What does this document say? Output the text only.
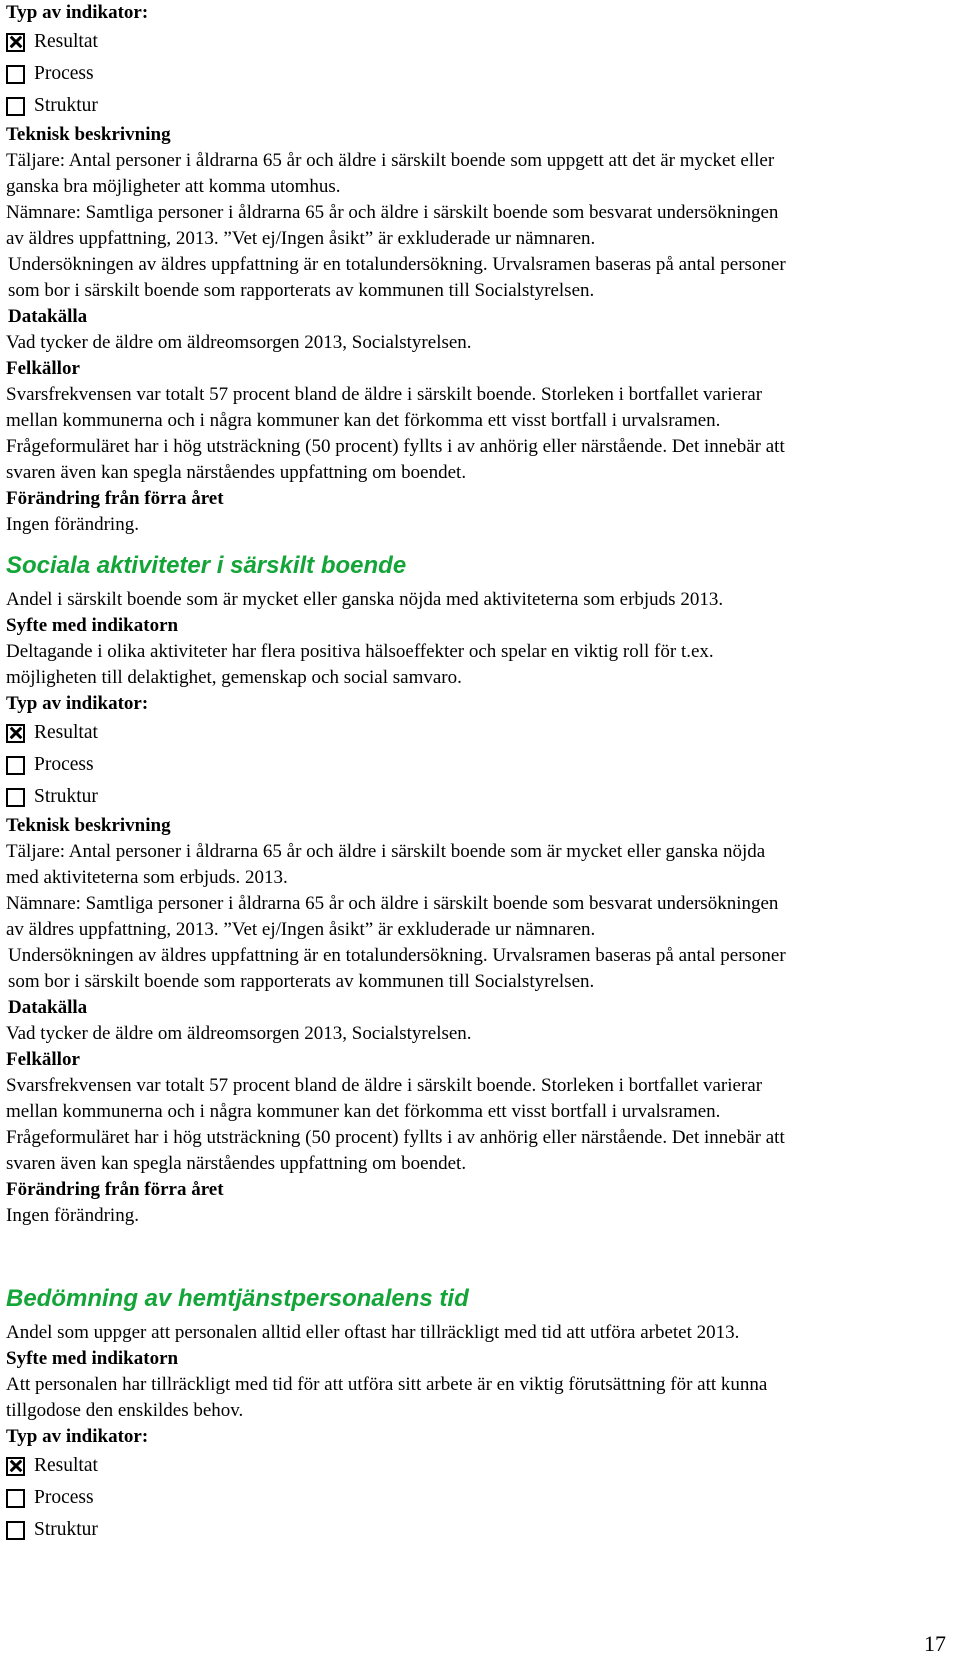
Typ av indikator:
Resultat
Process
Struktur
Teknisk beskrivning
Täljare: Antal personer i åldrarna 65 år och äldre i särskilt boende som uppgett att det är mycket eller
ganska bra möjligheter att komma utomhus.
Nämnare: Samtliga personer i åldrarna 65 år och äldre i särskilt boende som besvarat undersökningen
av äldres uppfattning, 2013. ”Vet ej/Ingen åsikt” är exkluderade ur nämnaren.
Undersökningen av äldres uppfattning är en totalundersökning. Urvalsramen baseras på antal personer
som bor i särskilt boende som rapporterats av kommunen till Socialstyrelsen.
Datakälla
Vad tycker de äldre om äldreomsorgen 2013, Socialstyrelsen.
Felkällor
Svarsfrekvensen var totalt 57 procent bland de äldre i särskilt boende. Storleken i bortfallet varierar
mellan kommunerna och i några kommuner kan det förkomma ett visst bortfall i urvalsramen.
Frågeformuläret har i hög utsträckning (50 procent) fyllts i av anhörig eller närstående. Det innebär att
svaren även kan spegla närståendes uppfattning om boendet.
Förändring från förra året
Ingen förändring.
Sociala aktiviteter i särskilt boende
Andel i särskilt boende som är mycket eller ganska nöjda med aktiviteterna som erbjuds 2013.
Syfte med indikatorn
Deltagande i olika aktiviteter har flera positiva hälsoeffekter och spelar en viktig roll för t.ex.
möjligheten till delaktighet, gemenskap och social samvaro.
Typ av indikator:
Resultat
Process
Struktur
Teknisk beskrivning
Täljare: Antal personer i åldrarna 65 år och äldre i särskilt boende som är mycket eller ganska nöjda
med aktiviteterna som erbjuds. 2013.
Nämnare: Samtliga personer i åldrarna 65 år och äldre i särskilt boende som besvarat undersökningen
av äldres uppfattning, 2013. ”Vet ej/Ingen åsikt” är exkluderade ur nämnaren.
Undersökningen av äldres uppfattning är en totalundersökning. Urvalsramen baseras på antal personer
som bor i särskilt boende som rapporterats av kommunen till Socialstyrelsen.
Datakälla
Vad tycker de äldre om äldreomsorgen 2013, Socialstyrelsen.
Felkällor
Svarsfrekvensen var totalt 57 procent bland de äldre i särskilt boende. Storleken i bortfallet varierar
mellan kommunerna och i några kommuner kan det förkomma ett visst bortfall i urvalsramen.
Frågeformuläret har i hög utsträckning (50 procent) fyllts i av anhörig eller närstående. Det innebär att
svaren även kan spegla närståendes uppfattning om boendet.
Förändring från förra året
Ingen förändring.
Bedömning av hemtjänstpersonalens tid
Andel som uppger att personalen alltid eller oftast har tillräckligt med tid att utföra arbetet 2013.
Syfte med indikatorn
Att personalen har tillräckligt med tid för att utföra sitt arbete är en viktig förutsättning för att kunna
tillgodose den enskildes behov.
Typ av indikator:
Resultat
Process
Struktur
17
